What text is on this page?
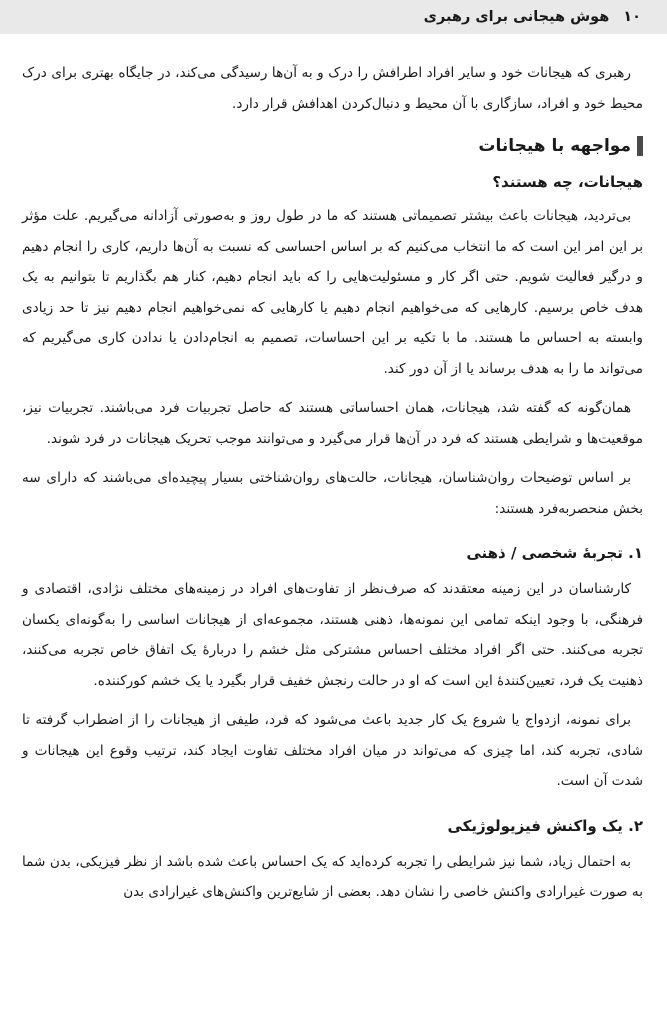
۱۰
هوش هیجانی برای رهبری

رهبری که هیجانات خود و سایر افراد اطرافش را درک و به آن‌ها رسیدگی می‌کند، در جایگاه بهتری برای درک محیط خود و افراد، سازگاری با آن محیط و دنبال‌کردن اهدافش قرار دارد.

مواجهه با هیجانات
هیجانات، چه هستند؟

بی‌تردید، هیجانات باعث بیشتر تصمیماتی هستند که ما در طول روز و به‌صورتی آزادانه می‌گیریم. علت مؤثر بر این امر این است که ما انتخاب می‌کنیم که بر اساس احساسی که نسبت به آن‌ها داریم، کاری را انجام دهیم و درگیر فعالیت شویم. حتی اگر کار و مسئولیت‌هایی را که باید انجام دهیم، کنار هم بگذاریم تا بتوانیم به یک هدف خاص برسیم. کارهایی که می‌خواهیم انجام دهیم یا کارهایی که نمی‌خواهیم انجام دهیم نیز تا حد زیادی وابسته به احساس ما هستند. ما با تکیه بر این احساسات، تصمیم به انجام‌دادن یا ندادن کاری می‌گیریم که می‌تواند ما را به هدف برساند یا از آن دور کند.

همان‌گونه که گفته شد، هیجانات، همان احساساتی هستند که حاصل تجربیات فرد می‌باشند. تجربیات نیز، موقعیت‌ها و شرایطی هستند که فرد در آن‌ها قرار می‌گیرد و می‌توانند موجب تحریک هیجانات در فرد شوند.

بر اساس توضیحات روان‌شناسان، هیجانات، حالت‌های روان‌شناختی بسیار پیچیده‌ای می‌باشند که دارای سه بخش منحصربه‌فرد هستند:

۱. تجربهٔ شخصی / ذهنی

کارشناسان در این زمینه معتقدند که صرف‌نظر از تفاوت‌های افراد در زمینه‌های مختلف نژادی، اقتصادی و فرهنگی، با وجود اینکه تمامی این نمونه‌ها، ذهنی هستند، مجموعه‌ای از هیجانات اساسی را به‌گونه‌ای یکسان تجربه می‌کنند. حتی اگر افراد مختلف احساس مشترکی مثل خشم را دربارهٔ یک اتفاق خاص تجربه می‌کنند، ذهنیت یک فرد، تعیین‌کنندهٔ این است که او در حالت رنجش خفیف قرار بگیرد یا یک خشم کورکننده.

برای نمونه، ازدواج یا شروع یک کار جدید باعث می‌شود که فرد، طیفی از هیجانات را از اضطراب گرفته تا شادی، تجربه کند، اما چیزی که می‌تواند در میان افراد مختلف تفاوت ایجاد کند، ترتیب وقوع این هیجانات و شدت آن است.

۲. یک واکنش فیزیولوژیکی

به احتمال زیاد، شما نیز شرایطی را تجربه کرده‌اید که یک احساس باعث شده باشد از نظر فیزیکی، بدن شما به صورت غیرارادی واکنش خاصی را نشان دهد. بعضی از شایع‌ترین واکنش‌های غیرارادی بدن
